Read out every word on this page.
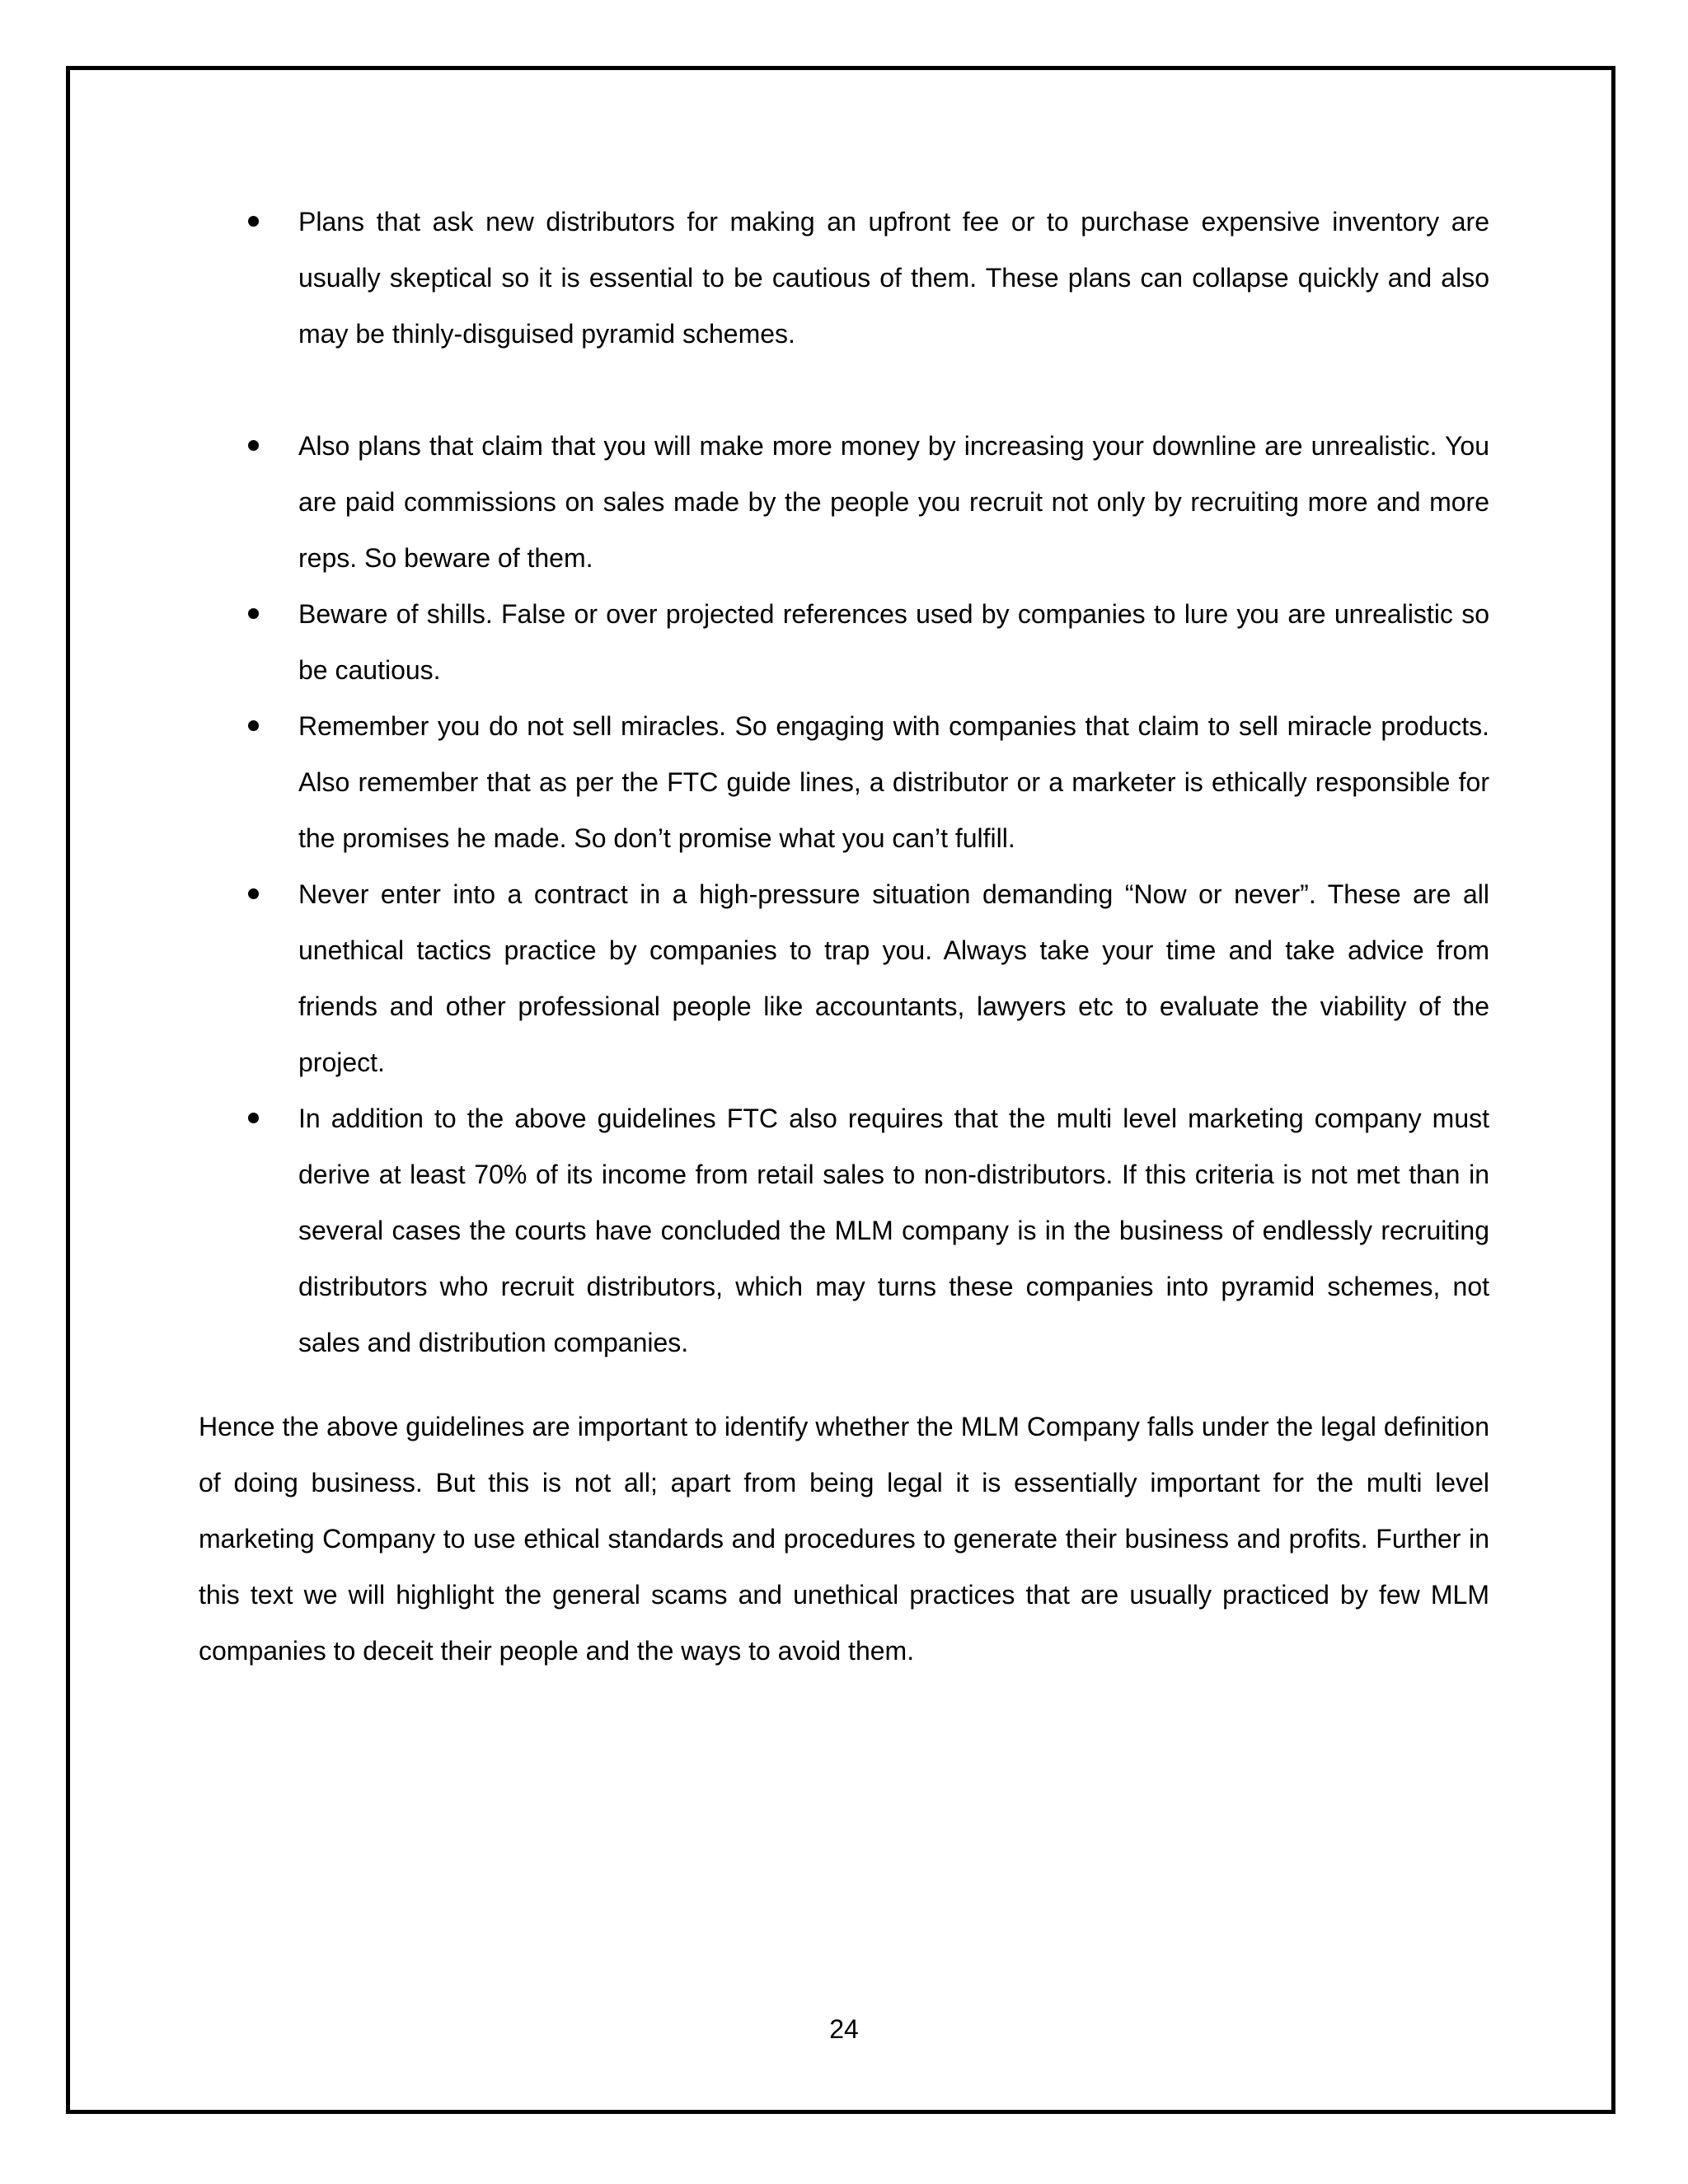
Plans that ask new distributors for making an upfront fee or to purchase expensive inventory are usually skeptical so it is essential to be cautious of them. These plans can collapse quickly and also may be thinly-disguised pyramid schemes.
Also plans that claim that you will make more money by increasing your downline are unrealistic. You are paid commissions on sales made by the people you recruit not only by recruiting more and more reps. So beware of them.
Beware of shills. False or over projected references used by companies to lure you are unrealistic so be cautious.
Remember you do not sell miracles. So engaging with companies that claim to sell miracle products. Also remember that as per the FTC guide lines, a distributor or a marketer is ethically responsible for the promises he made. So don’t promise what you can’t fulfill.
Never enter into a contract in a high-pressure situation demanding “Now or never”. These are all unethical tactics practice by companies to trap you. Always take your time and take advice from friends and other professional people like accountants, lawyers etc to evaluate the viability of the project.
In addition to the above guidelines FTC also requires that the multi level marketing company must derive at least 70% of its income from retail sales to non-distributors. If this criteria is not met than in several cases the courts have concluded the MLM company is in the business of endlessly recruiting distributors who recruit distributors, which may turns these companies into pyramid schemes, not sales and distribution companies.

Hence the above guidelines are important to identify whether the MLM Company falls under the legal definition of doing business. But this is not all; apart from being legal it is essentially important for the multi level marketing Company to use ethical standards and procedures to generate their business and profits. Further in this text we will highlight the general scams and unethical practices that are usually practiced by few MLM companies to deceit their people and the ways to avoid them.

24
